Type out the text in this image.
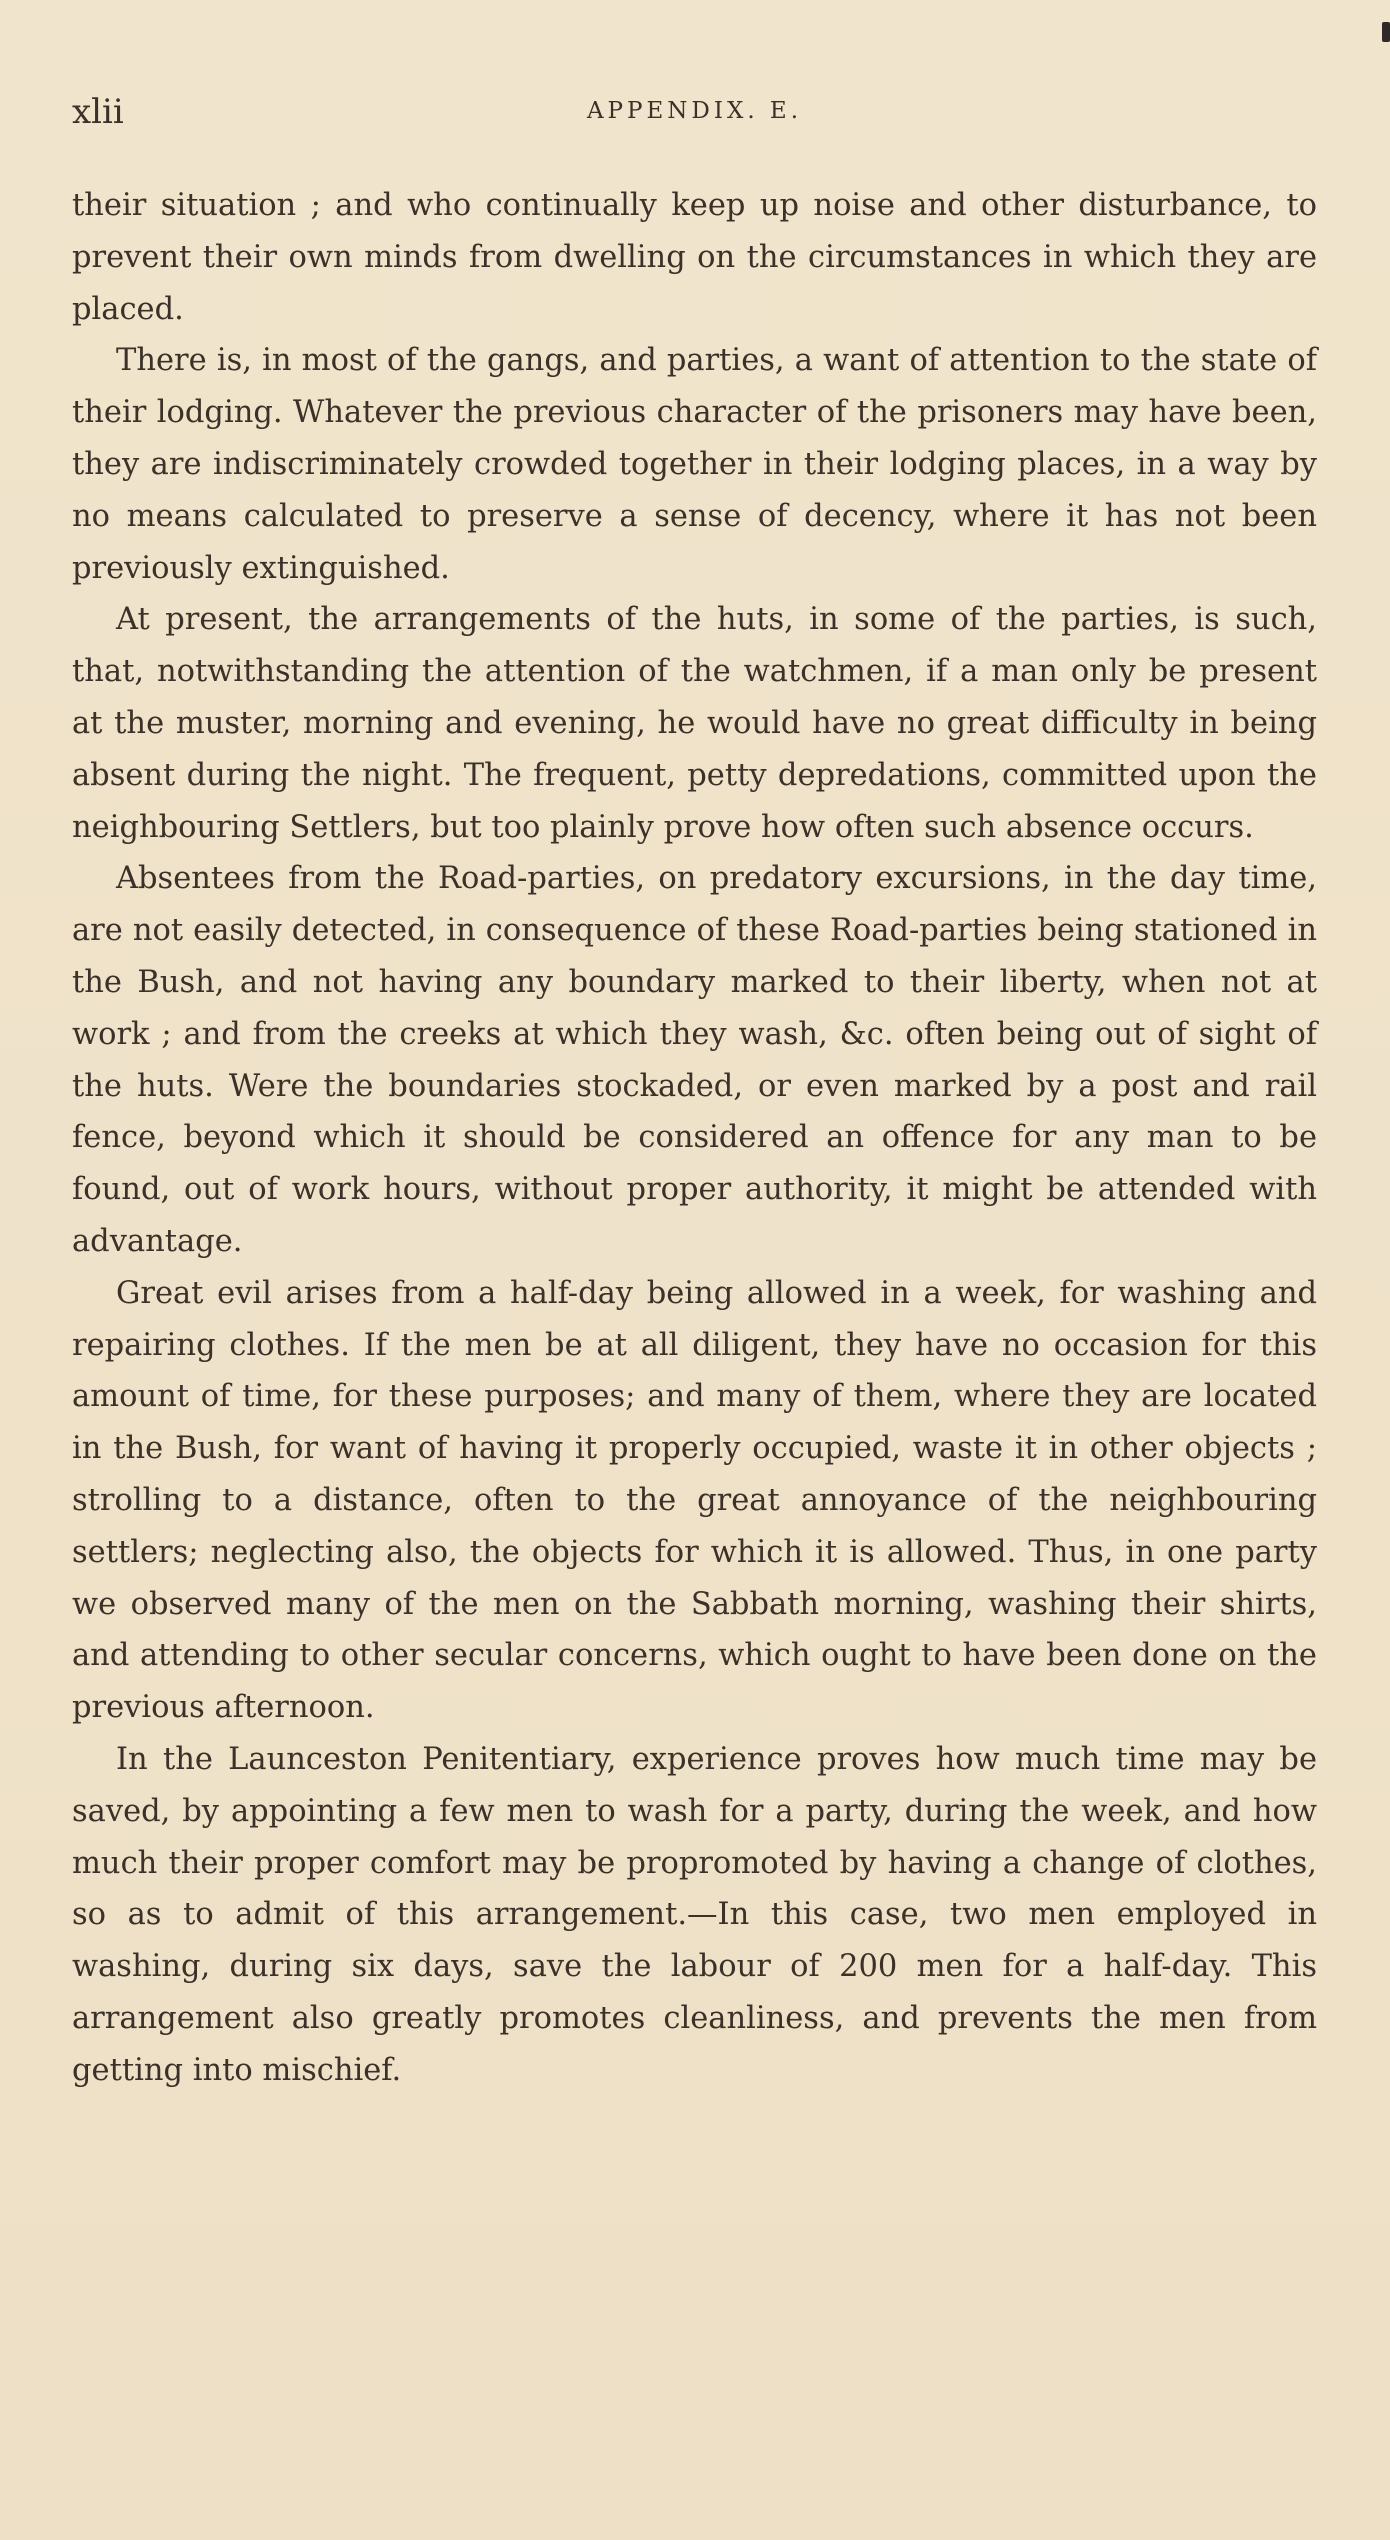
xlii	APPENDIX. E.

their situation ; and who continually keep up noise and other disturbance, to prevent their own minds from dwelling on the circumstances in which they are placed.

There is, in most of the gangs, and parties, a want of attention to the state of their lodging. Whatever the previous character of the prisoners may have been, they are indiscriminately crowded together in their lodging places, in a way by no means calculated to preserve a sense of decency, where it has not been previously extinguished.

At present, the arrangements of the huts, in some of the parties, is such, that, notwithstanding the attention of the watchmen, if a man only be present at the muster, morning and evening, he would have no great difficulty in being absent during the night. The frequent, petty depredations, committed upon the neighbouring Settlers, but too plainly prove how often such absence occurs.

Absentees from the Road-parties, on predatory excursions, in the day time, are not easily detected, in consequence of these Road-parties being stationed in the Bush, and not having any boundary marked to their liberty, when not at work ; and from the creeks at which they wash, &c. often being out of sight of the huts. Were the boundaries stockaded, or even marked by a post and rail fence, beyond which it should be considered an offence for any man to be found, out of work hours, without proper authority, it might be attended with advantage.

Great evil arises from a half-day being allowed in a week, for washing and repairing clothes. If the men be at all diligent, they have no occasion for this amount of time, for these purposes; and many of them, where they are located in the Bush, for want of having it properly occupied, waste it in other objects ; strolling to a distance, often to the great annoyance of the neighbouring settlers; neglecting also, the objects for which it is allowed. Thus, in one party we observed many of the men on the Sabbath morning, washing their shirts, and attending to other secular concerns, which ought to have been done on the previous afternoon.

In the Launceston Penitentiary, experience proves how much time may be saved, by appointing a few men to wash for a party, during the week, and how much their proper comfort may be propromoted by having a change of clothes, so as to admit of this arrangement.—In this case, two men employed in washing, during six days, save the labour of 200 men for a half-day. This arrangement also greatly promotes cleanliness, and prevents the men from getting into mischief.
